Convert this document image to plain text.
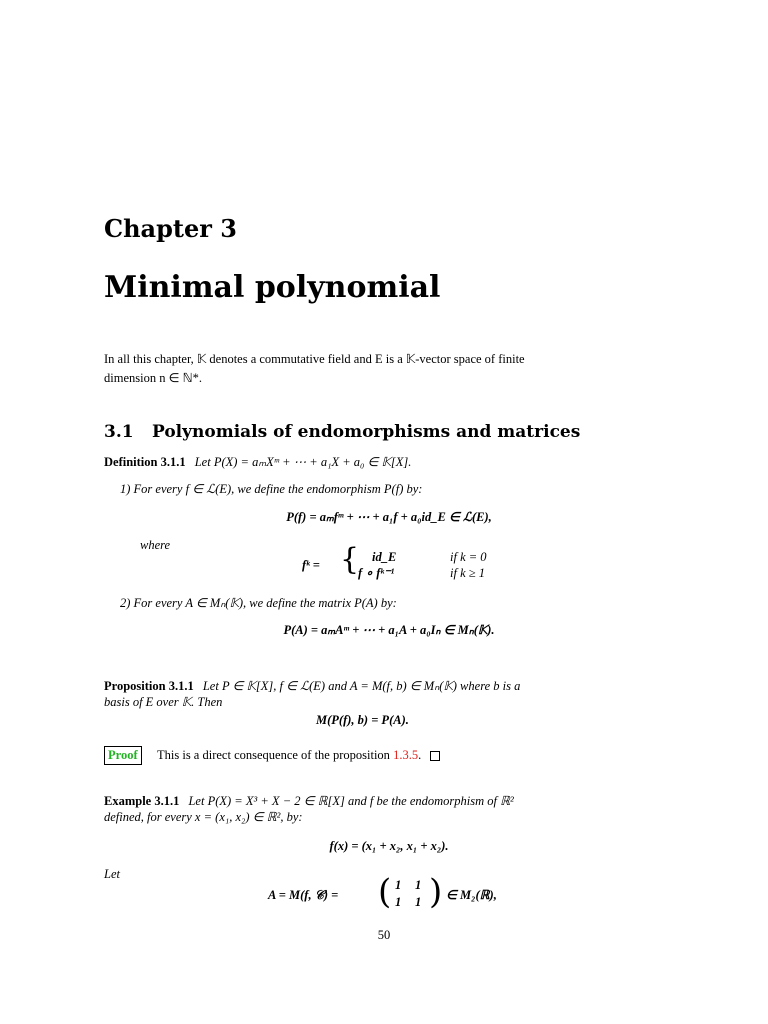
Chapter 3
Minimal polynomial
In all this chapter, 𝕂 denotes a commutative field and E is a 𝕂-vector space of finite
dimension n ∈ ℕ*.
3.1 Polynomials of endomorphisms and matrices
Definition 3.1.1 Let P(X) = aₘXᵐ + ⋯ + a₁X + a₀ ∈ 𝕂[X].
1) For every f ∈ ℒ(E), we define the endomorphism P(f) by:
P(f) = aₘfᵐ + ⋯ + a₁f + a₀id_E ∈ ℒ(E),
where
fᵏ = { id_E	if k = 0
f ∘ fᵏ⁻¹	if k ≥ 1
2) For every A ∈ Mₙ(𝕂), we define the matrix P(A) by:
P(A) = aₘAᵐ + ⋯ + a₁A + a₀Iₙ ∈ Mₙ(𝕂).
Proposition 3.1.1 Let P ∈ 𝕂[X], f ∈ ℒ(E) and A = M(f, b) ∈ Mₙ(𝕂) where b is a
basis of E over 𝕂. Then
M(P(f), b) = P(A).
Proof	This is a direct consequence of the proposition 1.3.5.
Example 3.1.1 Let P(X) = X³ + X − 2 ∈ ℝ[X] and f be the endomorphism of ℝ²
defined, for every x = (x₁, x₂) ∈ ℝ², by:
f(x) = (x₁ + x₂, x₁ + x₂).
Let
A = M(f, 𝒞) = ( 1 1
1 1 ) ∈ M₂(ℝ),
50
